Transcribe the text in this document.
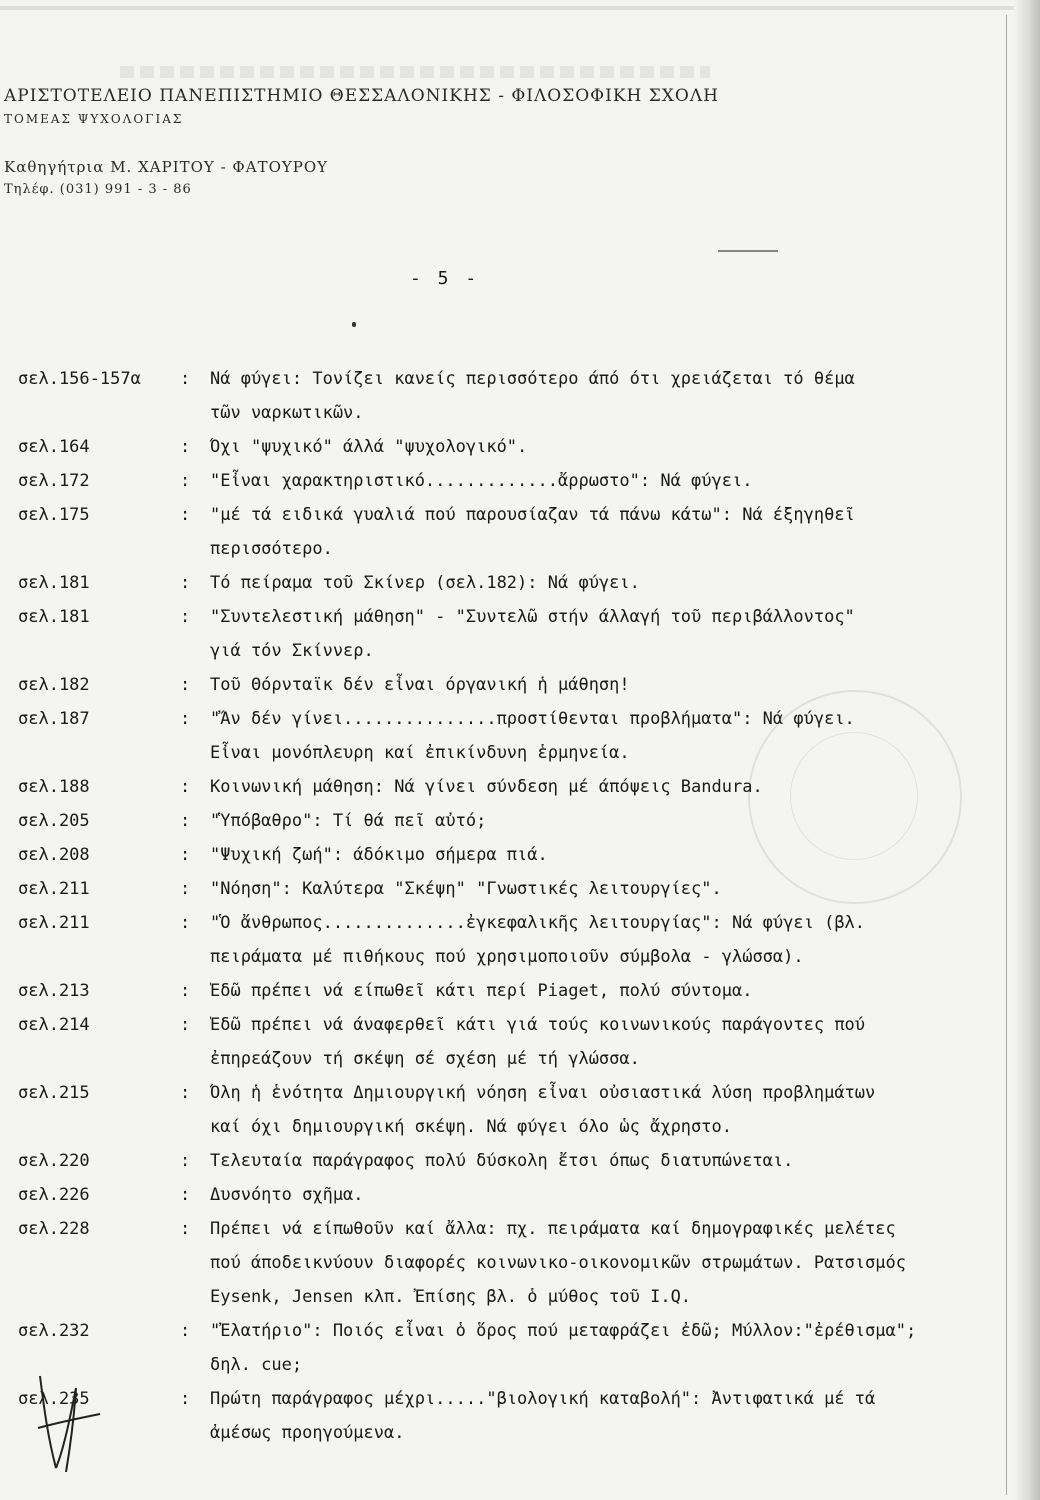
ΑΡΙΣΤΟΤΕΛΕΙΟ ΠΑΝΕΠΙΣΤΗΜΙΟ ΘΕΣΣΑΛΟΝΙΚΗΣ - ΦΙΛΟΣΟΦΙΚΗ ΣΧΟΛΗ
ΤΟΜΕΑΣ ΨΥΧΟΛΟΓΙΑΣ
Καθηγήτρια Μ. ΧΑΡΙΤΟΥ - ΦΑΤΟΥΡΟΥ
Τηλέφ. (031) 991 - 3 - 86
- 5 -
σελ.156-157α	:	Νά φύγει: Τονίζει κανείς περισσότερο άπό ότι χρειάζεται τό θέμα
τῶν ναρκωτικῶν.
σελ.164	:	Όχι "ψυχικό" άλλά "ψυχολογικό".
σελ.172	:	"Εἶναι χαρακτηριστικό.............ἄρρωστο": Νά φύγει.
σελ.175	:	"μέ τά ειδικά γυαλιά πού παρουσίαζαν τά πάνω κάτω": Νά έξηγηθεῖ
περισσότερο.
σελ.181	:	Τό πείραμα τοῦ Σκίνερ (σελ.182): Νά φύγει.
σελ.181	:	"Συντελεστική μάθηση" - "Συντελῶ στήν άλλαγή τοῦ περιβάλλοντος"
γιά τόν Σκίννερ.
σελ.182	:	Τοῦ Θόρνταϊκ δέν εἶναι όργανική ἡ μάθηση!
σελ.187	:	"Ἄν δέν γίνει...............προστίθενται προβλήματα": Νά φύγει.
Εἶναι μονόπλευρη καί ἐπικίνδυνη ἑρμηνεία.
σελ.188	:	Κοινωνική μάθηση: Νά γίνει σύνδεση μέ άπόψεις Bandura.
σελ.205	:	"Ὑπόβαθρο": Τί θά πεῖ αὐτό;
σελ.208	:	"Ψυχική ζωή": άδόκιμο σήμερα πιά.
σελ.211	:	"Νόηση": Καλύτερα "Σκέψη" "Γνωστικές λειτουργίες".
σελ.211	:	"Ὁ ἄνθρωπος..............ἐγκεφαλικῆς λειτουργίας": Νά φύγει (βλ.
πειράματα μέ πιθήκους πού χρησιμοποιοῦν σύμβολα - γλώσσα).
σελ.213	:	Ἐδῶ πρέπει νά είπωθεῖ κάτι περί Piaget, πολύ σύντομα.
σελ.214	:	Ἐδῶ πρέπει νά άναφερθεῖ κάτι γιά τούς κοινωνικούς παράγοντες πού
ἐπηρεάζουν τή σκέψη σέ σχέση μέ τή γλώσσα.
σελ.215	:	Ὅλη ἡ ἑνότητα Δημιουργική νόηση εἶναι οὐσιαστικά λύση προβλημάτων
καί όχι δημιουργική σκέψη. Νά φύγει όλο ὡς ἄχρηστο.
σελ.220	:	Τελευταία παράγραφος πολύ δύσκολη ἔτσι όπως διατυπώνεται.
σελ.226	:	Δυσνόητο σχῆμα.
σελ.228	:	Πρέπει νά είπωθοῦν καί ἄλλα: πχ. πειράματα καί δημογραφικές μελέτες
πού άποδεικνύουν διαφορές κοινωνικο-οικονομικῶν στρωμάτων. Ρατσισμός
Eysenk, Jensen κλπ. Ἐπίσης βλ. ὁ μύθος τοῦ I.Q.
σελ.232	:	"Ἐλατήριο": Ποιός εἶναι ὁ ὅρος πού μεταφράζει ἐδῶ; Μύλλον:"ἐρέθισμα";
δηλ. cue;
σελ.235	:	Πρώτη παράγραφος μέχρι....."βιολογική καταβολή": Ἀντιφατικά μέ τά
ἀμέσως προηγούμενα.
